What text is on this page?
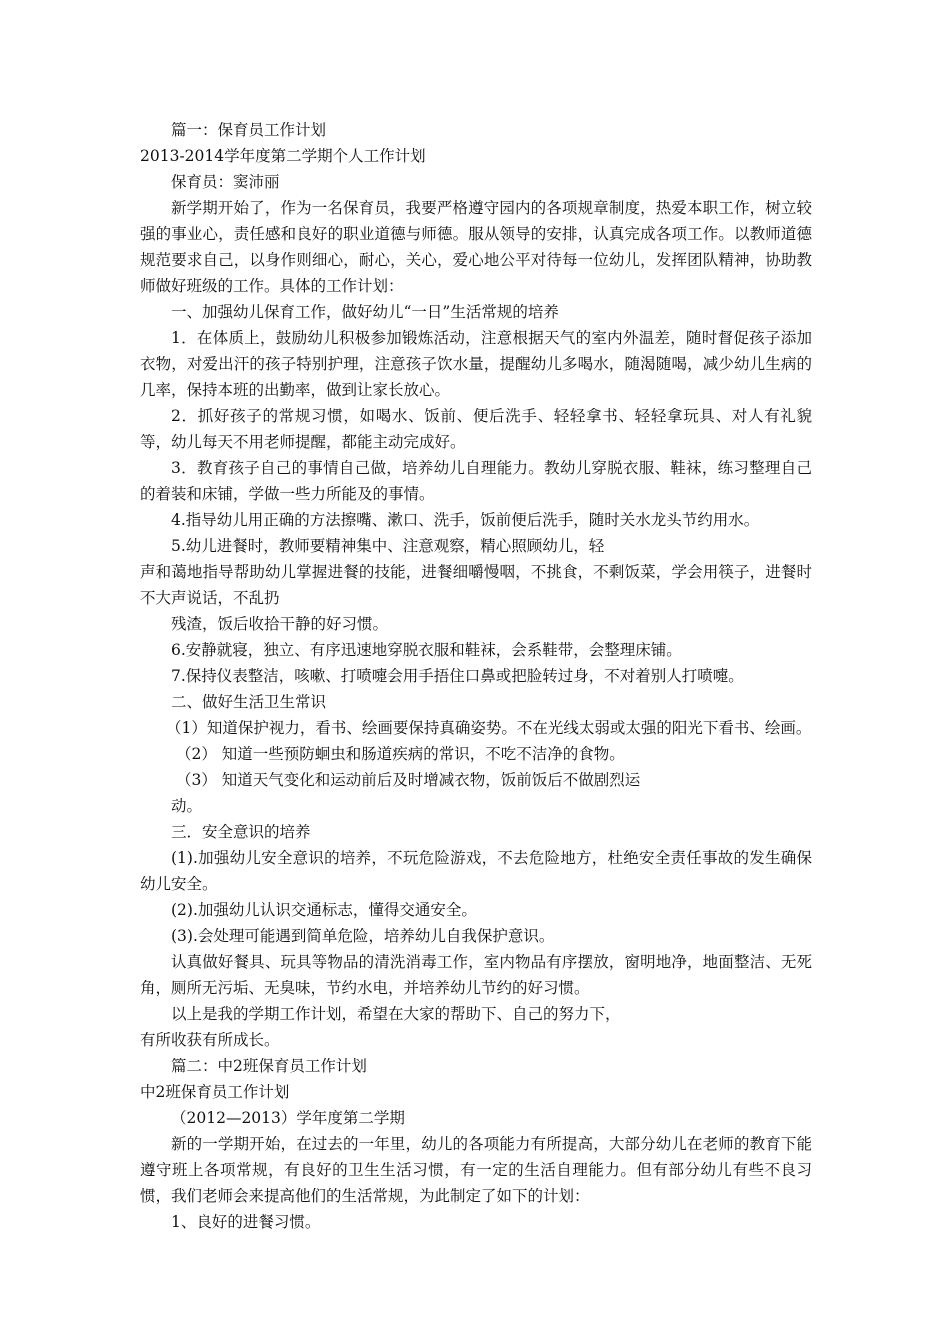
篇一：保育员工作计划

2013-2014学年度第二学期个人工作计划

保育员：窦沛丽

新学期开始了，作为一名保育员，我要严格遵守园内的各项规章制度，热爱本职工作，树立较强的事业心，责任感和良好的职业道德与师德。服从领导的安排，认真完成各项工作。以教师道德规范要求自己，以身作则细心，耐心，关心，爱心地公平对待每一位幼儿，发挥团队精神，协助教师做好班级的工作。具体的工作计划：

一、加强幼儿保育工作，做好幼儿“一日”生活常规的培养

1．在体质上，鼓励幼儿积极参加锻炼活动，注意根据天气的室内外温差，随时督促孩子添加衣物，对爱出汗的孩子特别护理，注意孩子饮水量，提醒幼儿多喝水，随渴随喝，减少幼儿生病的几率，保持本班的出勤率，做到让家长放心。

2．抓好孩子的常规习惯，如喝水、饭前、便后洗手、轻轻拿书、轻轻拿玩具、对人有礼貌等，幼儿每天不用老师提醒，都能主动完成好。

3．教育孩子自己的事情自己做，培养幼儿自理能力。教幼儿穿脱衣服、鞋袜，练习整理自己的着装和床铺，学做一些力所能及的事情。

4.指导幼儿用正确的方法擦嘴、漱口、洗手，饭前便后洗手，随时关水龙头节约用水。

5.幼儿进餐时，教师要精神集中、注意观察，精心照顾幼儿，轻

声和蔼地指导帮助幼儿掌握进餐的技能，进餐细嚼慢咽，不挑食，不剩饭菜，学会用筷子，进餐时不大声说话，不乱扔

残渣，饭后收拾干静的好习惯。

6.安静就寝，独立、有序迅速地穿脱衣服和鞋袜，会系鞋带，会整理床铺。

7.保持仪表整洁，咳嗽、打喷嚏会用手捂住口鼻或把脸转过身，不对着别人打喷嚏。

二、做好生活卫生常识

（1）知道保护视力，看书、绘画要保持真确姿势。不在光线太弱或太强的阳光下看书、绘画。

（2） 知道一些预防蛔虫和肠道疾病的常识，不吃不洁净的食物。

（3） 知道天气变化和运动前后及时增减衣物，饭前饭后不做剧烈运

动。

三．安全意识的培养

(1).加强幼儿安全意识的培养，不玩危险游戏，不去危险地方，杜绝安全责任事故的发生确保幼儿安全。

(2).加强幼儿认识交通标志，懂得交通安全。

(3).会处理可能遇到简单危险，培养幼儿自我保护意识。

认真做好餐具、玩具等物品的清洗消毒工作，室内物品有序摆放，窗明地净，地面整洁、无死角，厕所无污垢、无臭味，节约水电，并培养幼儿节约的好习惯。

以上是我的学期工作计划，希望在大家的帮助下、自己的努力下，

有所收获有所成长。

篇二：中2班保育员工作计划

中2班保育员工作计划

（2012—2013）学年度第二学期

新的一学期开始，在过去的一年里，幼儿的各项能力有所提高，大部分幼儿在老师的教育下能遵守班上各项常规，有良好的卫生生活习惯，有一定的生活自理能力。但有部分幼儿有些不良习惯，我们老师会来提高他们的生活常规，为此制定了如下的计划：

1、良好的进餐习惯。
